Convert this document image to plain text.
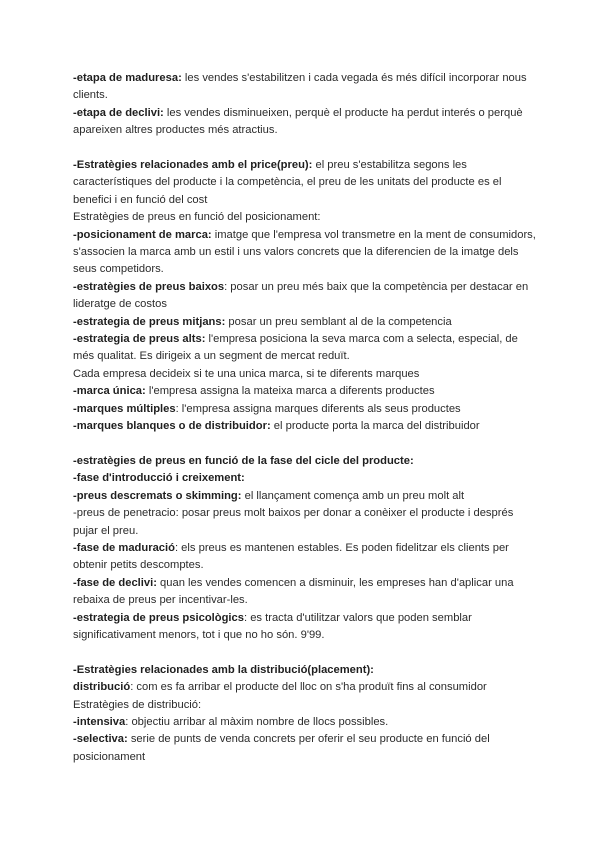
-etapa de maduresa: les vendes s'estabilitzen i cada vegada és més difícil incorporar nous clients.

-etapa de declivi: les vendes disminueixen, perquè el producte ha perdut interés o perquè apareixen altres productes més atractius.

-Estratègies relacionades amb el price(preu): el preu s'estabilitza segons les característiques del producte i la competència, el preu de les unitats del producte es el benefici i en funció del cost

Estratègies de preus en funció del posicionament:

-posicionament de marca: imatge que l'empresa vol transmetre en la ment de consumidors, s'associen la marca amb un estil i uns valors concrets que la diferencien de la imatge dels seus competidors.

-estratègies de preus baixos: posar un preu més baix que la competència per destacar en lideratge de costos

-estrategia de preus mitjans: posar un preu semblant al de la competencia

-estrategia de preus alts: l'empresa posiciona la seva marca com a selecta, especial, de més qualitat. Es dirigeix a un segment de mercat reduït.

Cada empresa decideix si te una unica marca, si te diferents marques

-marca única: l'empresa assigna la mateixa marca a diferents productes

-marques múltiples: l'empresa assigna marques diferents als seus productes

-marques blanques o de distribuidor: el producte porta la marca del distribuidor

-estratègies de preus en funció de la fase del cicle del producte:

-fase d'introducció i creixement:

-preus descremats o skimming: el llançament comença amb un preu molt alt

-preus de penetracio: posar preus molt baixos per donar a conèixer el producte i després pujar el preu.

-fase de maduració: els preus es mantenen estables. Es poden fidelitzar els clients per obtenir petits descomptes.

-fase de declivi: quan les vendes comencen a disminuir, les empreses han d'aplicar una rebaixa de preus per incentivar-les.

-estrategia de preus psicològics: es tracta d'utilitzar valors que poden semblar significativament menors, tot i que no ho són. 9'99.

-Estratègies relacionades amb la distribució(placement):

distribució: com es fa arribar el producte del lloc on s'ha produït fins al consumidor

Estratègies de distribució:

-intensiva: objectiu arribar al màxim nombre de llocs possibles.

-selectiva: serie de punts de venda concrets per oferir el seu producte en funció del posicionament
